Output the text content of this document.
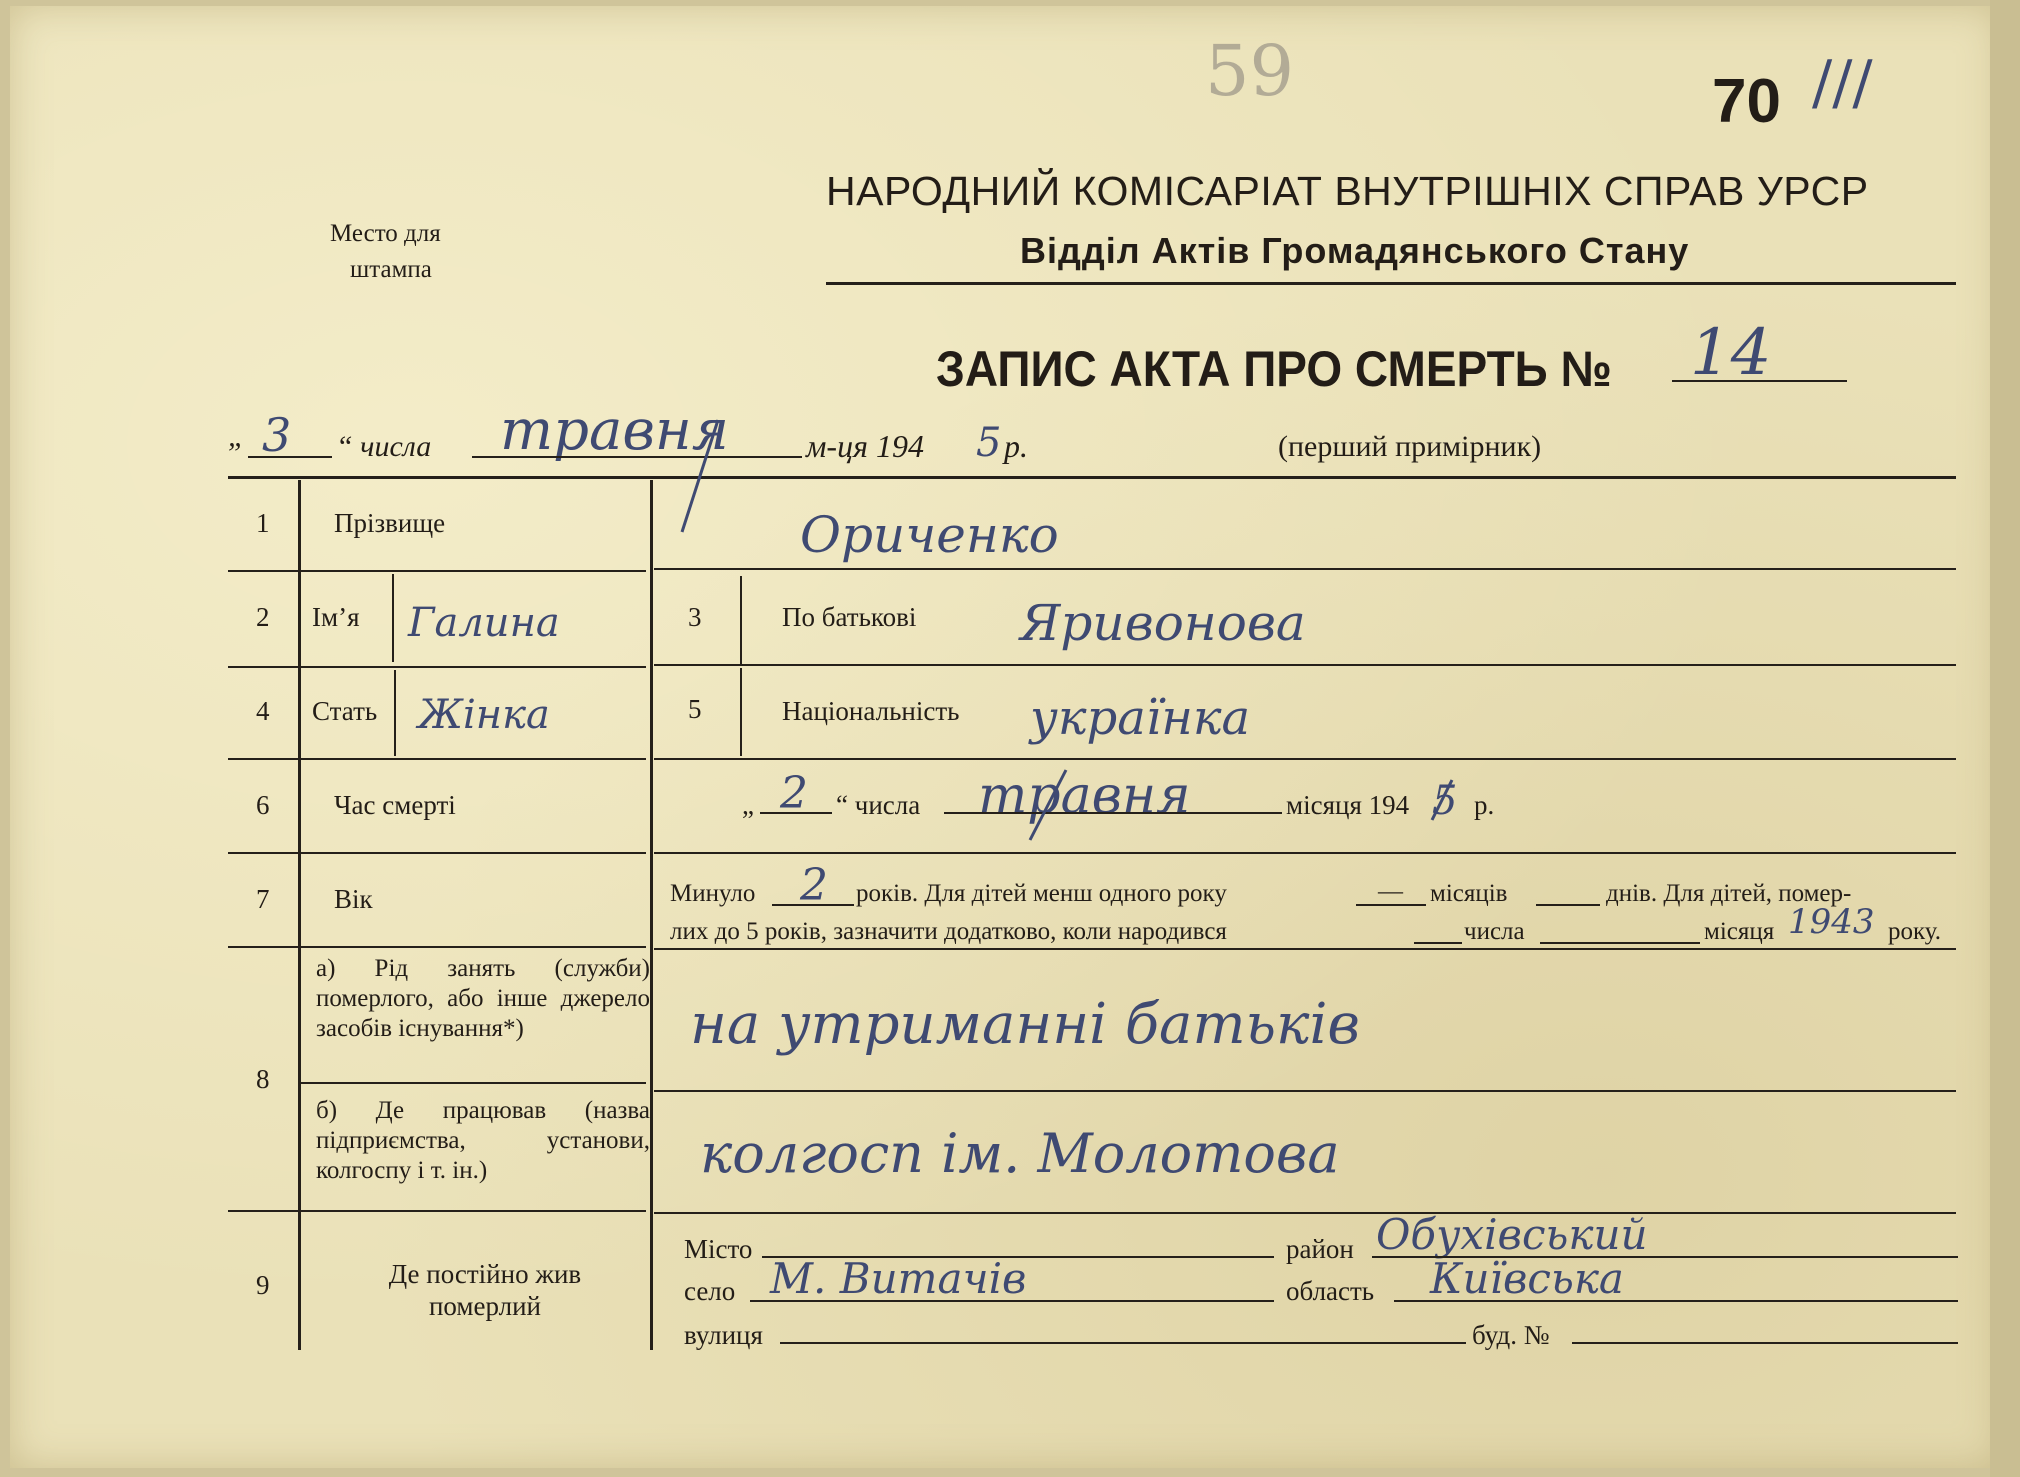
59	70 ///
Место для
штампа
НАРОДНИЙ КОМІСАРІАТ ВНУТРІШНІХ СПРАВ УРСР
Відділ Актів Громадянського Стану
ЗАПИС АКТА ПРО СМЕРТЬ № 14
„ 3 “ числа травня м-ця 194 5 р.	(перший примірник)
1 Прізвище	Ориченко
2 Ім’я Галина	3	По батькові Яривонова
4 Стать Жінка	5	Національність українка
6 Час смерті	„ 2 “ числа травня	місяця 194 5 р.
7 Вік	Минуло 2 років. Для дітей менш одного року	— місяців	днів. Для дітей, помер-
лих до 5 років, зазначити додатково, коли народився	числа	місяця 1943 року.
8
а) Рід занять (служби) померлого, або інше джерело засобів існування*)	на утриманні батьків
б) Де працював (назва підприємства, установи, колгоспу і т. ін.)	колгосп ім. Молотова
9	Де постійно жив померлий
Місто	район Обухівський
село М. Витачів	область Київська
вулиця	буд. №
